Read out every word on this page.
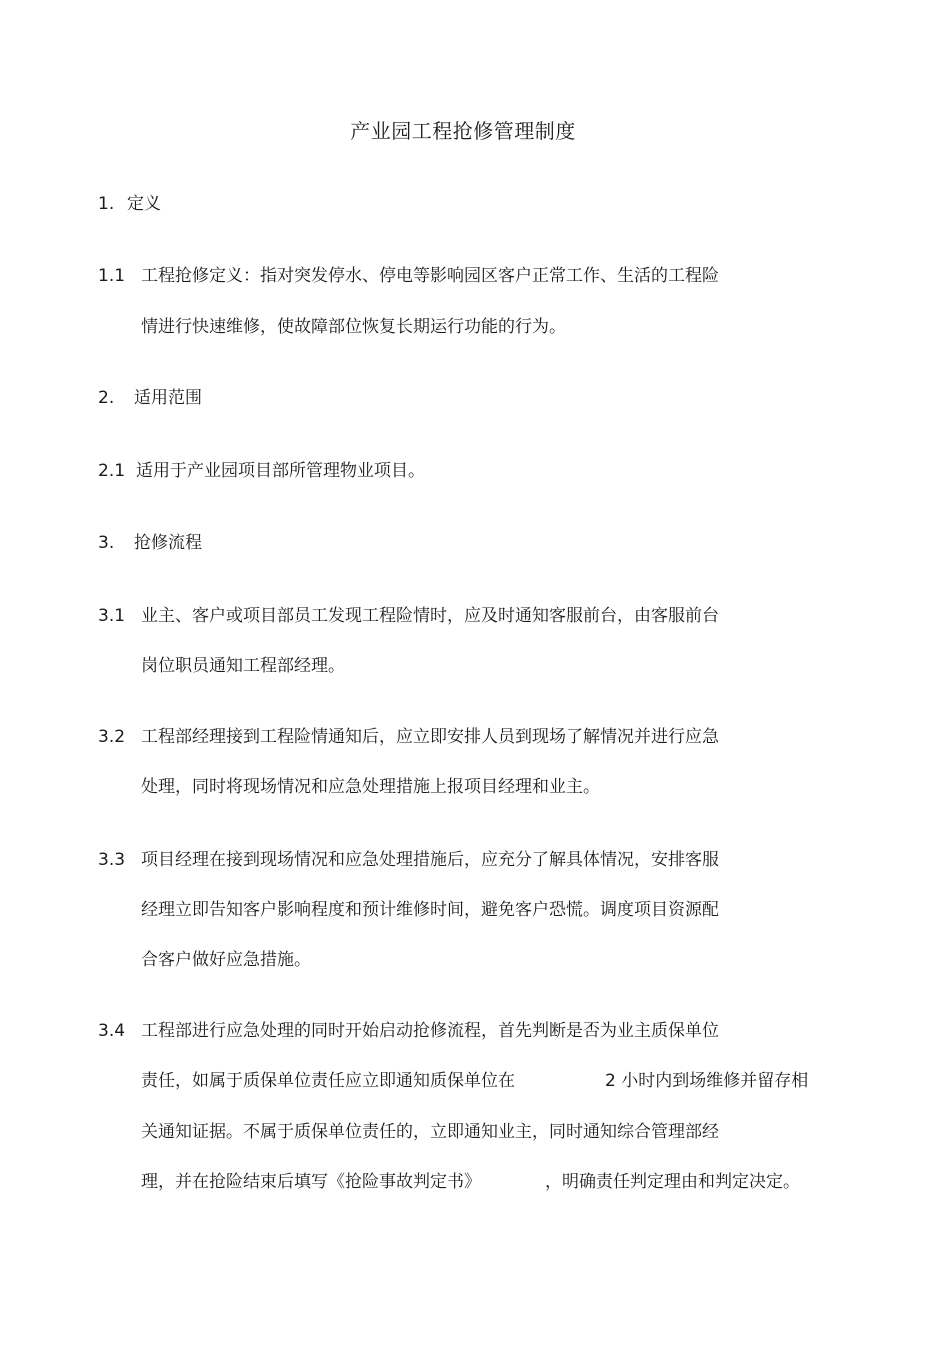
产业园工程抢修管理制度
1. 定义
1.1 工程抢修定义：指对突发停水、停电等影响园区客户正常工作、生活的工程险
情进行快速维修，使故障部位恢复长期运行功能的行为。
2. 适用范围
2.1 适用于产业园项目部所管理物业项目。
3. 抢修流程
3.1 业主、客户或项目部员工发现工程险情时，应及时通知客服前台，由客服前台
岗位职员通知工程部经理。
3.2 工程部经理接到工程险情通知后，应立即安排人员到现场了解情况并进行应急
处理，同时将现场情况和应急处理措施上报项目经理和业主。
3.3 项目经理在接到现场情况和应急处理措施后，应充分了解具体情况，安排客服
经理立即告知客户影响程度和预计维修时间，避免客户恐慌。调度项目资源配
合客户做好应急措施。
3.4 工程部进行应急处理的同时开始启动抢修流程，首先判断是否为业主质保单位
责任，如属于质保单位责任应立即通知质保单位在	2 小时内到场维修并留存相
关通知证据。不属于质保单位责任的，立即通知业主，同时通知综合管理部经
理，并在抢险结束后填写《抢险事故判定书》	，明确责任判定理由和判定决定。
